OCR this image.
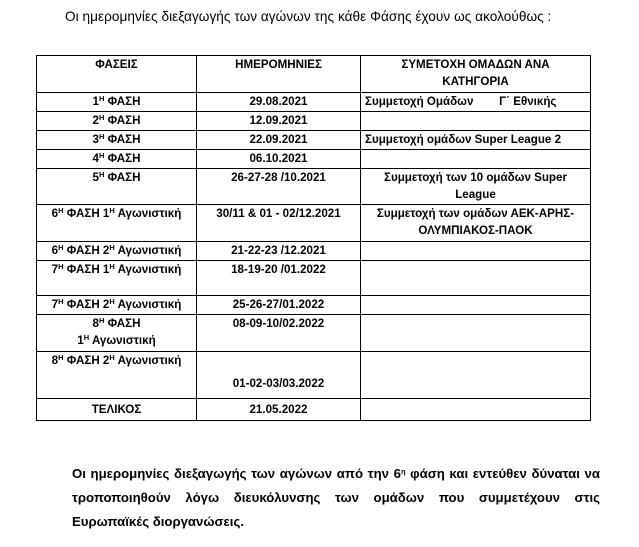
Οι ημερομηνίες διεξαγωγής των αγώνων της κάθε Φάσης έχουν ως ακολούθως :
ΦΑΣΕΙΣ	ΗΜΕΡΟΜΗΝΙΕΣ	ΣΥΜΕΤΟΧΗ ΟΜΑΔΩΝ ΑΝΑ
ΚΑΤΗΓΟΡΙΑ
$1^H$ ΦΑΣΗ	29.08.2021	Συμμετοχή Ομάδων        Γ΄ Εθνικής
$2^H$ ΦΑΣΗ	12.09.2021	
$3^H$ ΦΑΣΗ	22.09.2021	Συμμετοχή ομάδων Super League 2
$4^H$ ΦΑΣΗ	06.10.2021	
$5^H$ ΦΑΣΗ	26-27-28 /10.2021	Συμμετοχή των 10 ομάδων Super
League
$6^H$ ΦΑΣΗ $1^H$ Αγωνιστική	30/11 & 01 - 02/12.2021	Συμμετοχή των ομάδων ΑΕΚ-ΑΡΗΣ-
ΟΛΥΜΠΙΑΚΟΣ-ΠΑΟΚ
$6^H$ ΦΑΣΗ $2^H$ Αγωνιστική	21-22-23 /12.2021	
$7^H$ ΦΑΣΗ $1^H$ Αγωνιστική	18-19-20 /01.2022	
$7^H$ ΦΑΣΗ $2^H$ Αγωνιστική	25-26-27/01.2022	
$8^H$ ΦΑΣΗ
$1^H$ Αγωνιστική	08-09-10/02.2022	
$8^H$ ΦΑΣΗ $2^H$ Αγωνιστική	01-02-03/03.2022	
ΤΕΛΙΚΟΣ	21.05.2022	
Οι ημερομηνίες διεξαγωγής των αγώνων από την $6^\eta$ φάση και εντεύθεν δύναται να τροποποιηθούν λόγω διευκόλυνσης των ομάδων που συμμετέχουν στις Ευρωπαϊκές διοργανώσεις.
